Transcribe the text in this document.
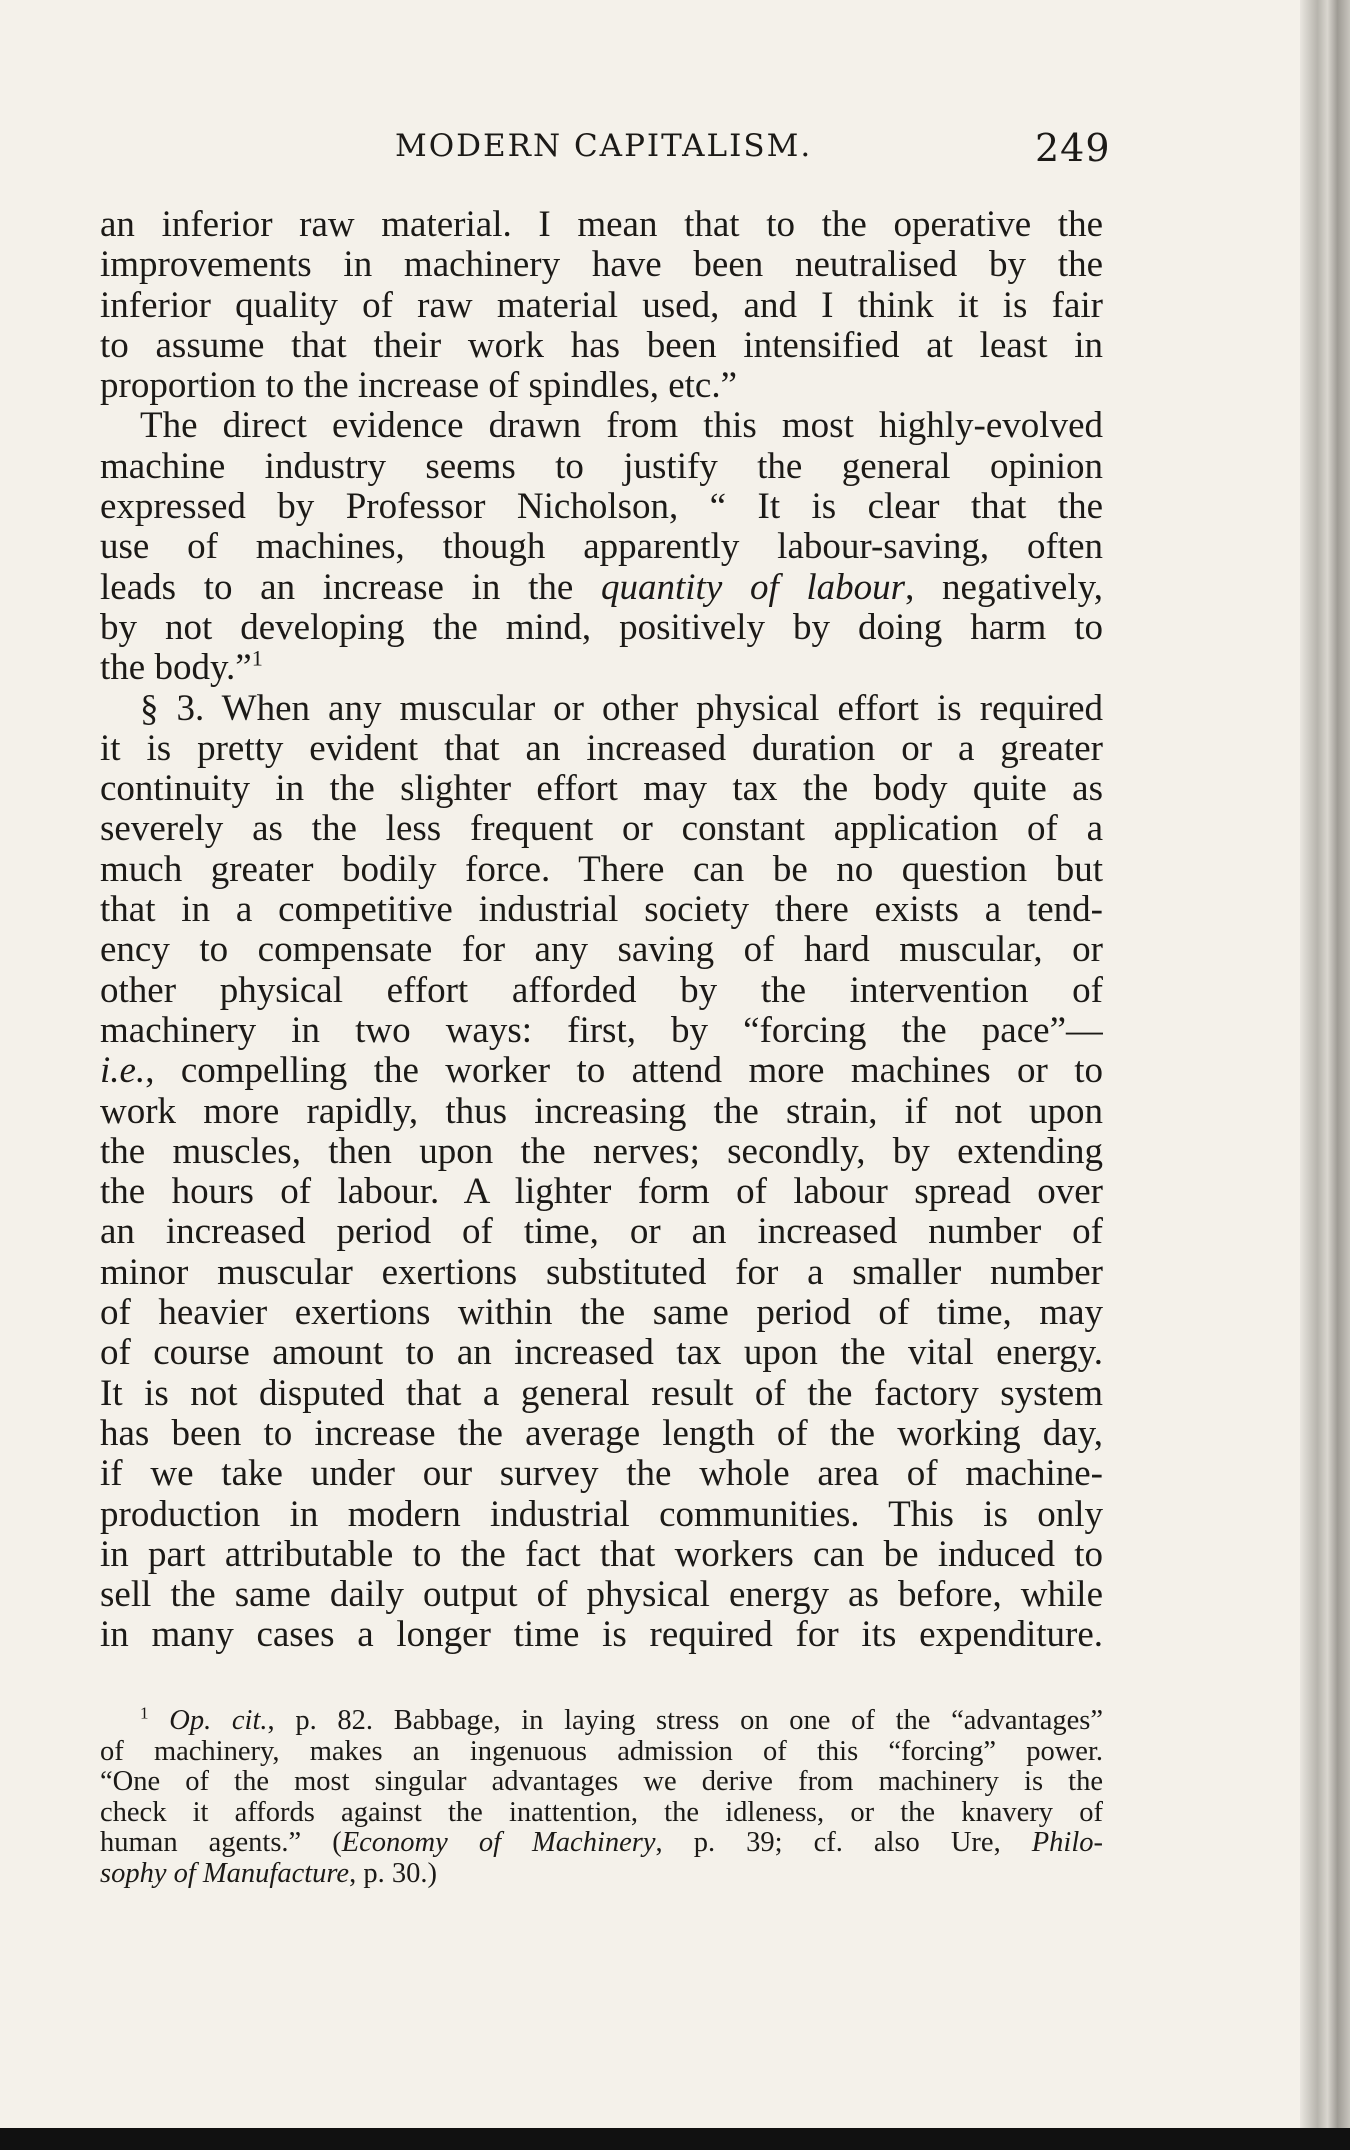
MODERN CAPITALISM.	249
an inferior raw material. I mean that to the operative the
improvements in machinery have been neutralised by the
inferior quality of raw material used, and I think it is fair
to assume that their work has been intensified at least in
proportion to the increase of spindles, etc.”
The direct evidence drawn from this most highly-evolved
machine industry seems to justify the general opinion
expressed by Professor Nicholson, “ It is clear that the
use of machines, though apparently labour-saving, often
leads to an increase in the quantity of labour, negatively,
by not developing the mind, positively by doing harm to
the body.”$^1$
§ 3. When any muscular or other physical effort is required
it is pretty evident that an increased duration or a greater
continuity in the slighter effort may tax the body quite as
severely as the less frequent or constant application of a
much greater bodily force. There can be no question but
that in a competitive industrial society there exists a tend-
ency to compensate for any saving of hard muscular, or
other physical effort afforded by the intervention of
machinery in two ways: first, by “forcing the pace”—
i.e., compelling the worker to attend more machines or to
work more rapidly, thus increasing the strain, if not upon
the muscles, then upon the nerves; secondly, by extending
the hours of labour. A lighter form of labour spread over
an increased period of time, or an increased number of
minor muscular exertions substituted for a smaller number
of heavier exertions within the same period of time, may
of course amount to an increased tax upon the vital energy.
It is not disputed that a general result of the factory system
has been to increase the average length of the working day,
if we take under our survey the whole area of machine-
production in modern industrial communities. This is only
in part attributable to the fact that workers can be induced to
sell the same daily output of physical energy as before, while
in many cases a longer time is required for its expenditure.
$^1$ Op. cit., p. 82. Babbage, in laying stress on one of the “advantages”
of machinery, makes an ingenuous admission of this “forcing” power.
“One of the most singular advantages we derive from machinery is the
check it affords against the inattention, the idleness, or the knavery of
human agents.” (Economy of Machinery, p. 39; cf. also Ure, Philo-
sophy of Manufacture, p. 30.)
